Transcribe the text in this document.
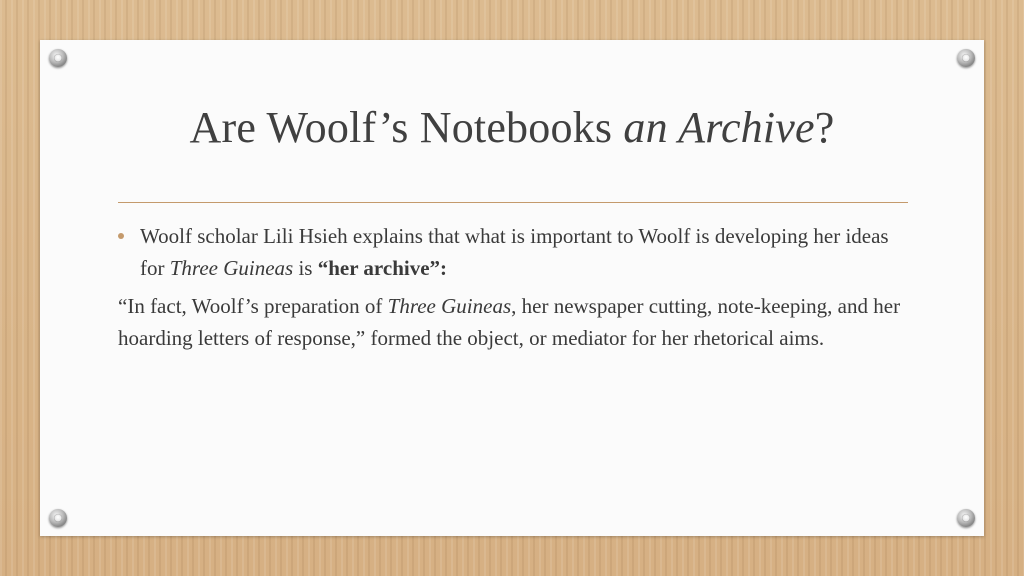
Are Woolf’s Notebooks an Archive?
Woolf scholar Lili Hsieh explains that what is important to Woolf is developing her ideas for Three Guineas is “her archive”:
“In fact, Woolf’s preparation of Three Guineas, her newspaper cutting, note-keeping, and her hoarding letters of response,” formed the object, or mediator for her rhetorical aims.
